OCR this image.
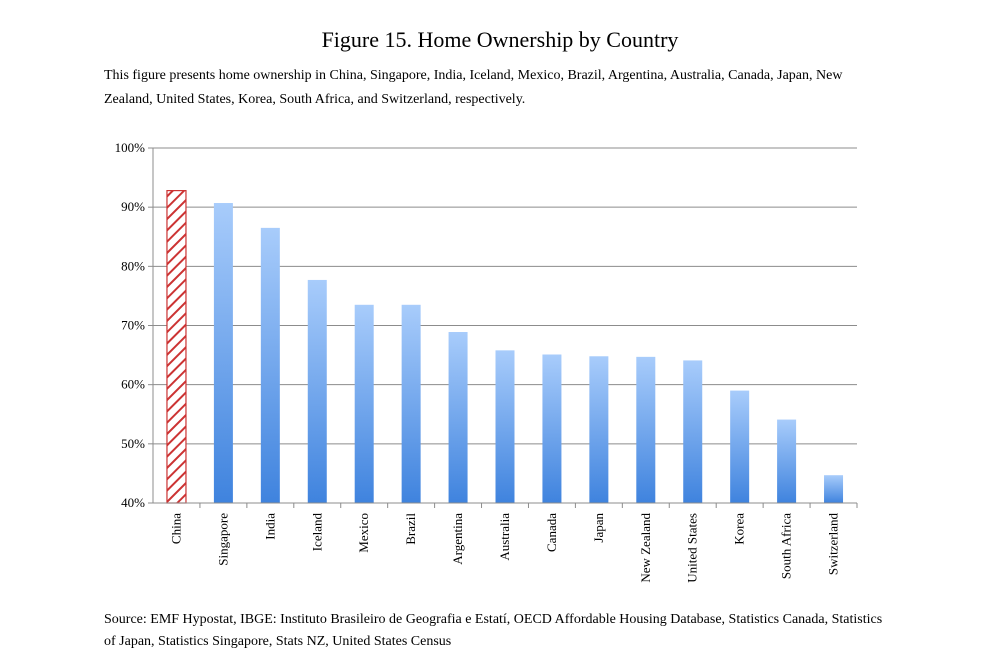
Figure 15. Home Ownership by Country
This figure presents home ownership in China, Singapore, India, Iceland, Mexico, Brazil, Argentina, Australia, Canada, Japan, New Zealand, United States, Korea, South Africa, and Switzerland, respectively.
100%
90%
80%
70%
60%
50%
40%
China Singapore India Iceland Mexico Brazil Argentina Australia Canada Japan New Zealand United States Korea South Africa Switzerland
Source: EMF Hypostat, IBGE: Instituto Brasileiro de Geografia e Estatí, OECD Affordable Housing Database, Statistics Canada, Statistics of Japan, Statistics Singapore, Stats NZ, United States Census
